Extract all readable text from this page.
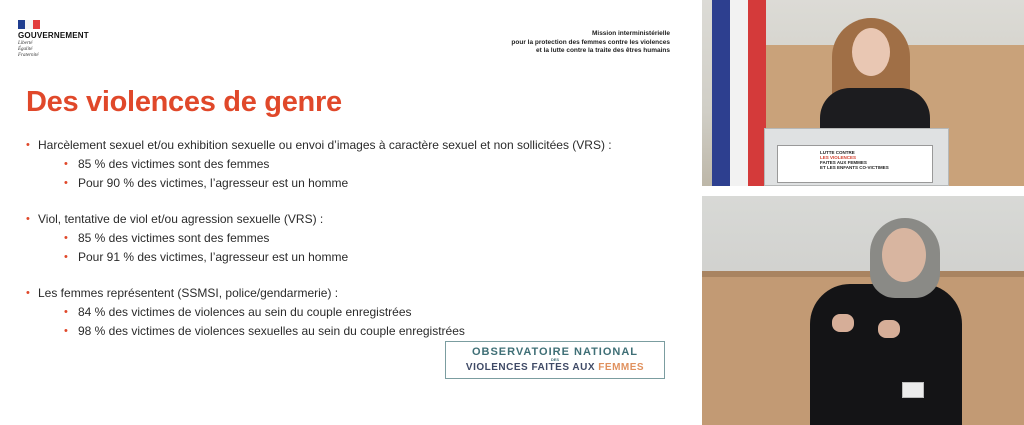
GOUVERNEMENT
Liberté
Égalité
Fraternité
Mission interministérielle
pour la protection des femmes contre les violences
et la lutte contre la traite des êtres humains
Des violences de genre
• Harcèlement sexuel et/ou exhibition sexuelle ou envoi d’images à caractère sexuel et non sollicitées (VRS) :
• 85 % des victimes sont des femmes
• Pour 90 % des victimes, l’agresseur est un homme
• Viol, tentative de viol et/ou agression sexuelle (VRS) :
• 85 % des victimes sont des femmes
• Pour 91 % des victimes, l’agresseur est un homme
• Les femmes représentent (SSMSI, police/gendarmerie) :
• 84 % des victimes de violences au sein du couple enregistrées
• 98 % des victimes de violences sexuelles au sein du couple enregistrées
OBSERVATOIRE NATIONAL
DES
VIOLENCES FAITES AUX FEMMES
LUTTE CONTRE
LES VIOLENCES
FAITES AUX FEMMES
ET LES ENFANTS CO-VICTIMES
